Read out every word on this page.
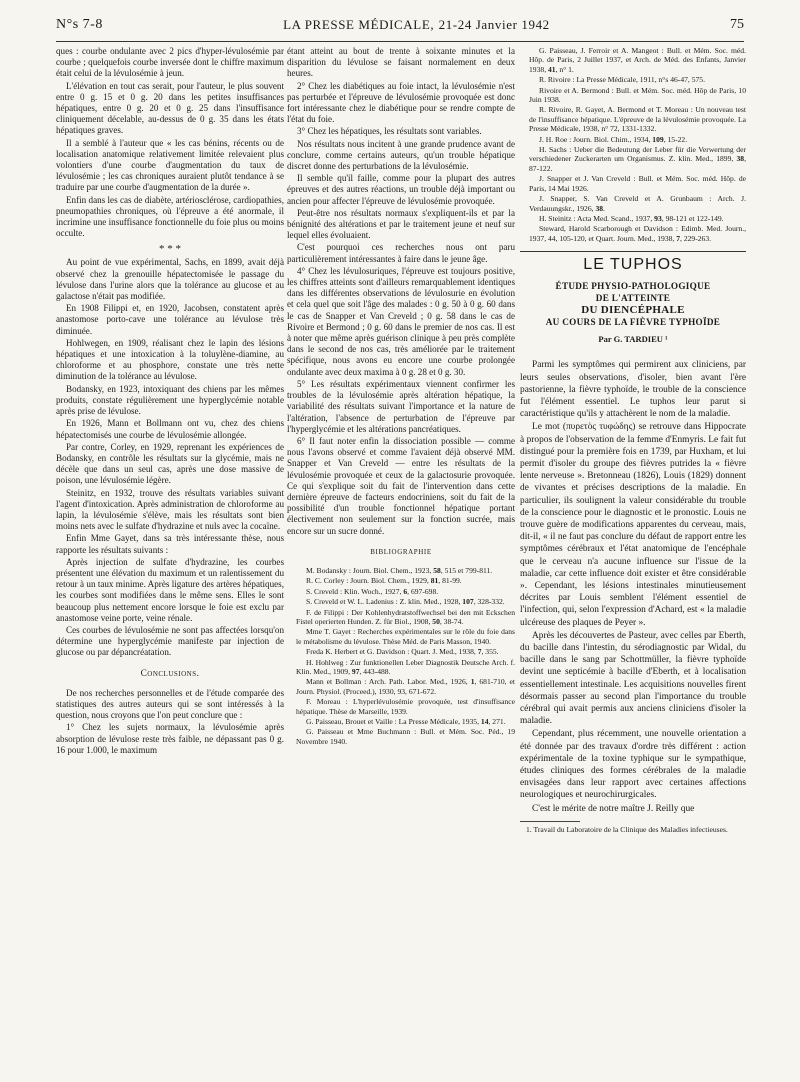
N°s 7-8	LA PRESSE MÉDICALE, 21-24 Janvier 1942	75

ques : courbe ondulante avec 2 pics d'hyper-lévulosémie par courbe ; quelquefois courbe inversée dont le chiffre maximum était celui de la lévulosémie à jeun.

L'élévation en tout cas serait, pour l'auteur, le plus souvent entre 0 g. 15 et 0 g. 20 dans les petites insuffisances hépatiques, entre 0 g. 20 et 0 g. 25 dans l'insuffisance cliniquement décelable, au-dessus de 0 g. 35 dans les états hépatiques graves.

Il a semblé à l'auteur que « les cas bénins, récents ou de localisation anatomique relativement limitée relevaient plus volontiers d'une courbe d'augmentation du taux de lévulosémie ; les cas chroniques auraient plutôt tendance à se traduire par une courbe d'augmentation de la durée ».

Enfin dans les cas de diabète, artériosclérose, cardiopathies, pneumopathies chroniques, où l'épreuve a été anormale, il incrimine une insuffisance fonctionnelle du foie plus ou moins occulte.

* * *

Au point de vue expérimental, Sachs, en 1899, avait déjà observé chez la grenouille hépatectomisée le passage du lévulose dans l'urine alors que la tolérance au glucose et au galactose n'était pas modifiée.

En 1908 Filippi et, en 1920, Jacobsen, constatent après anastomose porto-cave une tolérance au lévulose très diminuée.

Hohlwegen, en 1909, réalisant chez le lapin des lésions hépatiques et une intoxication à la toluylène-diamine, au chloroforme et au phosphore, constate une très nette diminution de la tolérance au lévulose.

Bodansky, en 1923, intoxiquant des chiens par les mêmes produits, constate régulièrement une hyperglycémie notable après prise de lévulose.

En 1926, Mann et Bollmann ont vu, chez des chiens hépatectomisés une courbe de lévulosémie allongée.

Par contre, Corley, en 1929, reprenant les expériences de Bodansky, en contrôle les résultats sur la glycémie, mais ne décèle que dans un seul cas, après une dose massive de poison, une lévulosémie légère.

Steinitz, en 1932, trouve des résultats variables suivant l'agent d'intoxication. Après administration de chloroforme au lapin, la lévulosémie s'élève, mais les résultats sont bien moins nets avec le sulfate d'hydrazine et nuls avec la cocaïne.

Enfin Mme Gayet, dans sa très intéressante thèse, nous rapporte les résultats suivants :

Après injection de sulfate d'hydrazine, les courbes présentent une élévation du maximum et un ralentissement du retour à un taux minime. Après ligature des artères hépatiques, les courbes sont modifiées dans le même sens. Elles le sont beaucoup plus nettement encore lorsque le foie est exclu par anastomose veine porte, veine rénale.

Ces courbes de lévulosémie ne sont pas affectées lorsqu'on détermine une hyperglycémie manifeste par injection de glucose ou par dépancréatation.

Conclusions.

De nos recherches personnelles et de l'étude comparée des statistiques des autres auteurs qui se sont intéressés à la question, nous croyons que l'on peut conclure que :

1° Chez les sujets normaux, la lévulosémie après absorption de lévulose reste très faible, ne dépassant pas 0 g. 16 pour 1.000, le maximum

étant atteint au bout de trente à soixante minutes et la disparition du lévulose se faisant normalement en deux heures.

2° Chez les diabétiques au foie intact, la lévulosémie n'est pas perturbée et l'épreuve de lévulosémie provoquée est donc fort intéressante chez le diabétique pour se rendre compte de l'état du foie.

3° Chez les hépatiques, les résultats sont variables.

Nos résultats nous incitent à une grande prudence avant de conclure, comme certains auteurs, qu'un trouble hépatique discret donne des perturbations de la lévulosémie.

Il semble qu'il faille, comme pour la plupart des autres épreuves et des autres réactions, un trouble déjà important ou ancien pour affecter l'épreuve de lévulosémie provoquée.

Peut-être nos résultats normaux s'expliquent-ils et par la bénignité des altérations et par le traitement jeune et neuf sur lequel elles évoluaient.

C'est pourquoi ces recherches nous ont paru particulièrement intéressantes à faire dans le jeune âge.

4° Chez les lévulosuriques, l'épreuve est toujours positive, les chiffres atteints sont d'ailleurs remarquablement identiques dans les différentes observations de lévulosurie en évolution et cela quel que soit l'âge des malades : 0 g. 50 à 0 g. 60 dans le cas de Snapper et Van Creveld ; 0 g. 58 dans le cas de Rivoire et Bermond ; 0 g. 60 dans le premier de nos cas. Il est à noter que même après guérison clinique à peu près complète dans le second de nos cas, très améliorée par le traitement spécifique, nous avons eu encore une courbe prolongée ondulante avec deux maxima à 0 g. 28 et 0 g. 30.

5° Les résultats expérimentaux viennent confirmer les troubles de la lévulosémie après altération hépatique, la variabilité des résultats suivant l'importance et la nature de l'altération, l'absence de perturbation de l'épreuve par l'hyperglycémie et les altérations pancréatiques.

6° Il faut noter enfin la dissociation possible — comme nous l'avons observé et comme l'avaient déjà observé MM. Snapper et Van Creveld — entre les résultats de la lévulosémie provoquée et ceux de la galactosurie provoquée. Ce qui s'explique soit du fait de l'intervention dans cette dernière épreuve de facteurs endocriniens, soit du fait de la possibilité d'un trouble fonctionnel hépatique portant électivement non seulement sur la fonction sucrée, mais encore sur un sucre donné.

BIBLIOGRAPHIE

M. Bodansky : Journ. Biol. Chem., 1923, 58, 515 et 799-811.

R. C. Corley : Journ. Biol. Chem., 1929, 81, 81-99.

S. Creveld : Klin. Woch., 1927, 6, 697-698.

S. Creveld et W. L. Ladenius : Z. klin. Med., 1928, 107, 328-332.

F. de Filippi : Der Kohlenhydratstoffwechsel bei den mit Eckschen Fistel operierten Hunden. Z. für Biol., 1908, 50, 38-74.

Mme T. Gayet : Recherches expérimentales sur le rôle du foie dans le métabolisme du lévulose. Thèse Méd. de Paris Masson, 1940.

Freda K. Herbert et G. Davidson : Quart. J. Med., 1938, 7, 355.

H. Hohlweg : Zur funktionellen Leber Diagnostik Deutsche Arch. f. Klin. Med., 1909, 97, 443-488.

Mann et Bollman : Arch. Path. Labor. Med., 1926, 1, 681-710, et Journ. Physiol. (Proceed.), 1930, 93, 671-672.

F. Moreau : L'hyperlévulosémie provoquée, test d'insuffisance hépatique. Thèse de Marseille, 1939.

G. Paisseau, Brouet et Vaille : La Presse Médicale, 1935, 14, 271.

G. Paisseau et Mme Buchmann : Bull. et Mém. Soc. Péd., 19 Novembre 1940.

G. Paisseau, J. Ferroir et A. Mangeot : Bull. et Mém. Soc. méd. Hôp. de Paris, 2 Juillet 1937, et Arch. de Méd. des Enfants, Janvier 1938, 41, n° 1.

R. Rivoire : La Presse Médicale, 1911, n°s 46-47, 575.

Rivoire et A. Bermond : Bull. et Mém. Soc. méd. Hôp de Paris, 10 Juin 1938.

R. Rivoire, R. Gayet, A. Bermond et T. Moreau : Un nouveau test de l'insuffisance hépatique. L'épreuve de la lévulosémie provoquée. La Presse Médicale, 1938, n° 72, 1331-1332.

J. H. Roe : Journ. Biol. Chim., 1934, 109, 15-22.

H. Sachs : Ueber die Bedeutung der Leber für die Verwertung der verschiedener Zuckerarten um Organismus. Z. klin. Med., 1899, 38, 87-122.

J. Snapper et J. Van Creveld : Bull. et Mém. Soc. méd. Hôp. de Paris, 14 Mai 1926.

J. Snapper, S. Van Creveld et A. Grunbaum : Arch. J. Verdauungskr., 1926, 38.

H. Steinitz : Acta Med. Scand., 1937, 93, 98-121 et 122-149.

Steward, Harold Scarborough et Davidson : Edimb. Med. Journ., 1937, 44, 105-120, et Quart. Journ. Med., 1938, 7, 229-263.

LE TUPHOS
ÉTUDE PHYSIO-PATHOLOGIQUE
DE L'ATTEINTE
DU DIENCÉPHALE
AU COURS DE LA FIÈVRE TYPHOÏDE
Par G. TARDIEU ¹

Parmi les symptômes qui permirent aux cliniciens, par leurs seules observations, d'isoler, bien avant l'ère pastorienne, la fièvre typhoïde, le trouble de la conscience fut l'élément essentiel. Le tuphos leur parut si caractéristique qu'ils y attachèrent le nom de la maladie.

Le mot (πυρετὸς τυφώδης) se retrouve dans Hippocrate à propos de l'observation de la femme d'Enmyris. Le fait fut distingué pour la première fois en 1739, par Huxham, et lui permit d'isoler du groupe des fièvres putrides la « fièvre lente nerveuse ». Bretonneau (1826), Louis (1829) donnent de vivantes et précises descriptions de la maladie. En particulier, ils soulignent la valeur considérable du trouble de la conscience pour le diagnostic et le pronostic. Louis ne trouve guère de modifications apparentes du cerveau, mais, dit-il, « il ne faut pas conclure du défaut de rapport entre les symptômes cérébraux et l'état anatomique de l'encéphale que le cerveau n'a aucune influence sur l'issue de la maladie, car cette influence doit exister et être considérable ». Cependant, les lésions intestinales minutieusement décrites par Louis semblent l'élément essentiel de l'infection, qui, selon l'expression d'Achard, est « la maladie ulcéreuse des plaques de Peyer ».

Après les découvertes de Pasteur, avec celles par Eberth, du bacille dans l'intestin, du sérodiagnostic par Widal, du bacille dans le sang par Schottmüller, la fièvre typhoïde devint une septicémie à bacille d'Eberth, et à localisation essentiellement intestinale. Les acquisitions nouvelles firent désormais passer au second plan l'importance du trouble cérébral qui avait permis aux anciens cliniciens d'isoler la maladie.

Cependant, plus récemment, une nouvelle orientation a été donnée par des travaux d'ordre très différent : action expérimentale de la toxine typhique sur le sympathique, études cliniques des formes cérébrales de la maladie envisagées dans leur rapport avec certaines affections neurologiques et neurochirurgicales.

C'est le mérite de notre maître J. Reilly que

1. Travail du Laboratoire de la Clinique des Maladies infectieuses.
